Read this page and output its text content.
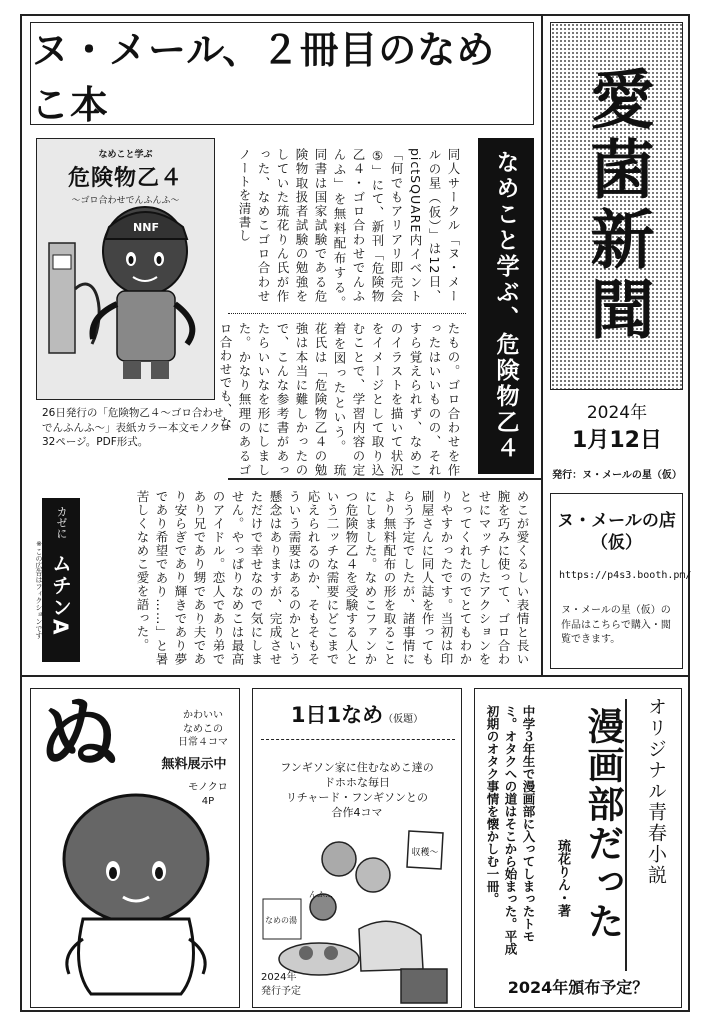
ヌ・メール、２冊目のなめこ本	愛菌新聞
2024年
1月12日
発行：ヌ・メールの星（仮）
ヌ・メールの店
（仮）
https://p4s3.booth.pm/
ヌ・メールの星（仮）の作品はこちらで購入・閲覧できます。
なめこと学ぶ
危険物乙４
〜ゴロ合わせでんふんふ〜
NNF
26日発行の「危険物乙４〜ゴロ合わせでんふんふ〜」表紙カラー本文モノクロ32ページ。PDF形式。	なめこと学ぶ、危険物乙４
同人サークル「ヌ・メールの星（仮）」は12日、pictSQUARE内イベント「何でもアリアリ即売会⑤」にて、新刊「危険物乙４・ゴロ合わせでんふんふ」を無料配布する。　同書は国家試験である危険物取扱者試験の勉強をしていた琉花りん氏が作った、なめこゴロ合わせノートを清書し
たもの。ゴロ合わせを作ったはいいものの、それすら覚えられず、なめこのイラストを描いて状況をイメージとして取り込むことで、学習内容の定着を図ったという。　琉花氏は「危険物乙４の勉強は本当に難しかったので、こんな参考書があったらいいなを形にしました。かなり無理のあるゴロ合わせでも、な
めこが愛くるしい表情と長い腕を巧みに使って、ゴロ合わせにマッチしたアクションをとってくれたのでとてもわかりやすかったです。当初は印刷屋さんに同人誌を作ってもらう予定でしたが、諸事情により無料配布の形を取ることにしました。なめこファンかつ危険物乙４を受験する人という二ッチな需要にどこまで応えられるのか、そもそもそういう需要はあるのかという懸念はありますが、完成させただけで幸せなので気にしません。やっぱりなめこは最高のアイドル。恋人であり弟であり兄であり甥であり夫であり安らぎであり輝きであり夢であり希望であり……」と暑苦しくなめこ愛を語った。
カゼに
ムチンA
※この広告はフィクションです
ぬ	かわいい
なめこの
日常４コマ
無料展示中
モノクロ
4P
1日1なめ（仮題）
フンギソン家に住むなめこ達の
ドホホな毎日
リチャード・フンギソンとの
合作4コマ
収穫〜
なめの湯
んふ…
2024年
発行予定
オリジナル青春小説
漫画部だった
琉花りん・著
中学３年生で漫画部に入ってしまったトモミ。オタクへの道はそこから始まった。平成初期のオタク事情を懐かしむ一冊。
2024年頒布予定？
